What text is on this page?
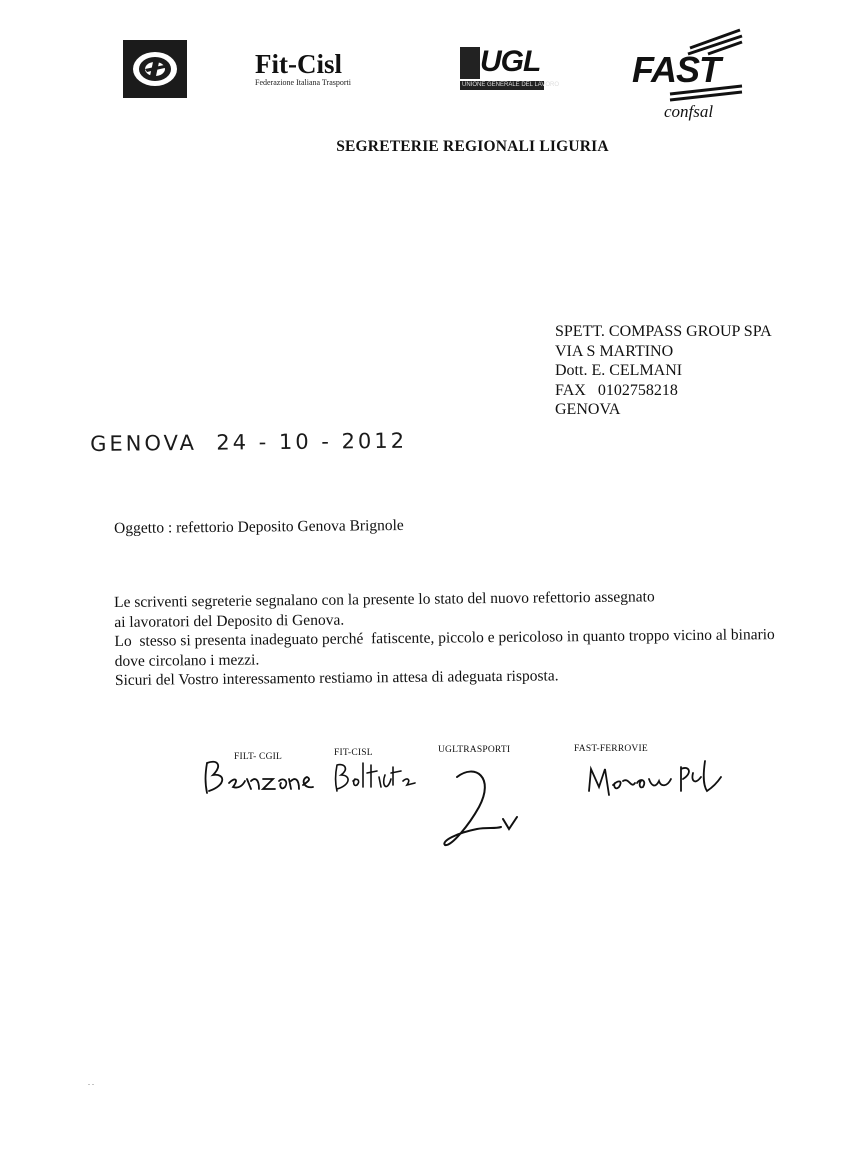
Fit-Cisl
Federazione Italiana Trasporti
UGL
UNIONE GENERALE DEL LAVORO FAST
confsal
SEGRETERIE REGIONALI LIGURIA
SPETT. COMPASS GROUP SPA
VIA S MARTINO
Dott. E. CELMANI
FAX   0102758218
GENOVA
GENOVA  24 - 10 - 2012
Oggetto : refettorio Deposito Genova Brignole
Le scriventi segreterie segnalano con la presente lo stato del nuovo refettorio assegnato
ai lavoratori del Deposito di Genova.
Lo  stesso si presenta inadeguato perché  fatiscente, piccolo e pericoloso in quanto troppo vicino al binario
dove circolano i mezzi.
Sicuri del Vostro interessamento restiamo in attesa di adeguata risposta.
FILT- CGIL	FIT-CISL	UGLTRASPORTI	FAST-FERROVIE
. .
